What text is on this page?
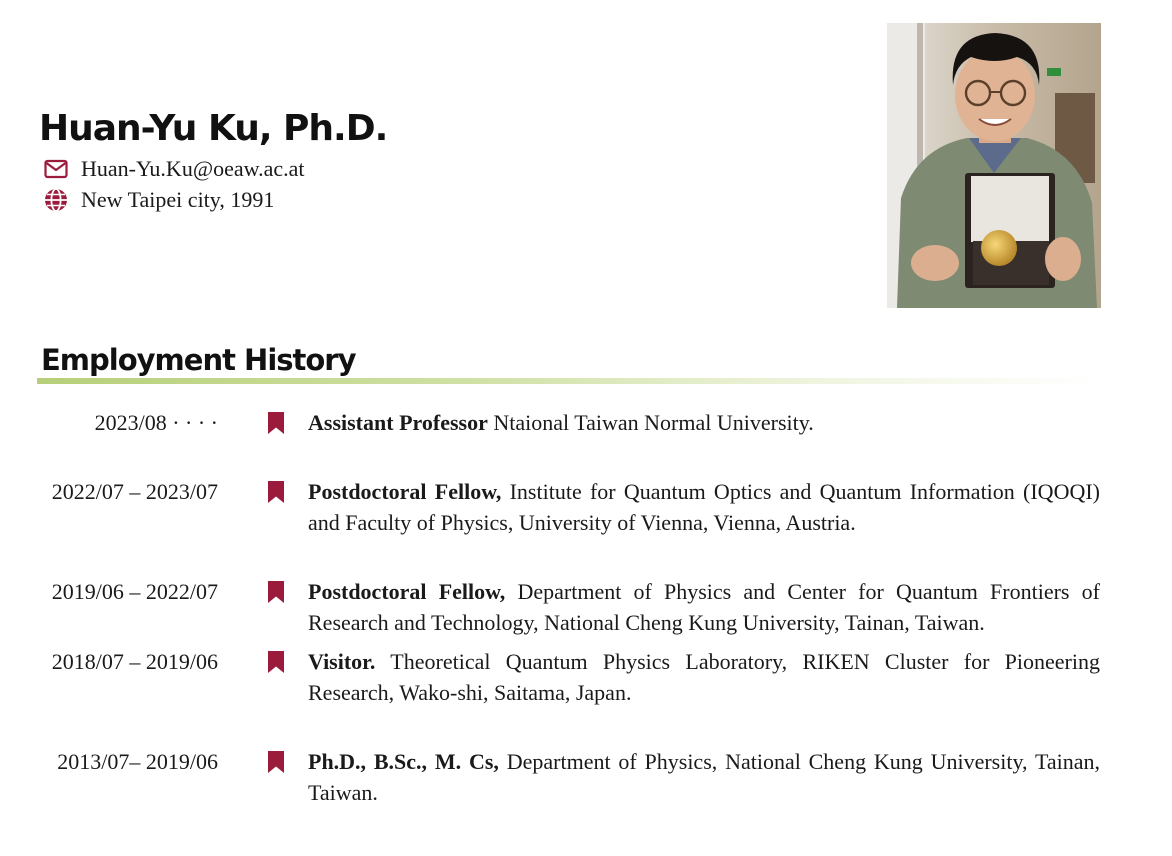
Huan-Yu Ku, Ph.D.
Huan-Yu.Ku@oeaw.ac.at
New Taipei city, 1991
Employment History
2023/08 · · · ·	Assistant Professor Ntaional Taiwan Normal University.
2022/07 – 2023/07	Postdoctoral Fellow, Institute for Quantum Optics and Quantum Information (IQOQI) and Faculty of Physics, University of Vienna, Vienna, Austria.
2019/06 – 2022/07	Postdoctoral Fellow, Department of Physics and Center for Quantum Frontiers of Research and Technology, National Cheng Kung University, Tainan, Taiwan.
2018/07 – 2019/06	Visitor. Theoretical Quantum Physics Laboratory, RIKEN Cluster for Pioneering Research, Wako-shi, Saitama, Japan.
2013/07– 2019/06	Ph.D., B.Sc., M. Cs, Department of Physics, National Cheng Kung University, Tainan, Taiwan.
